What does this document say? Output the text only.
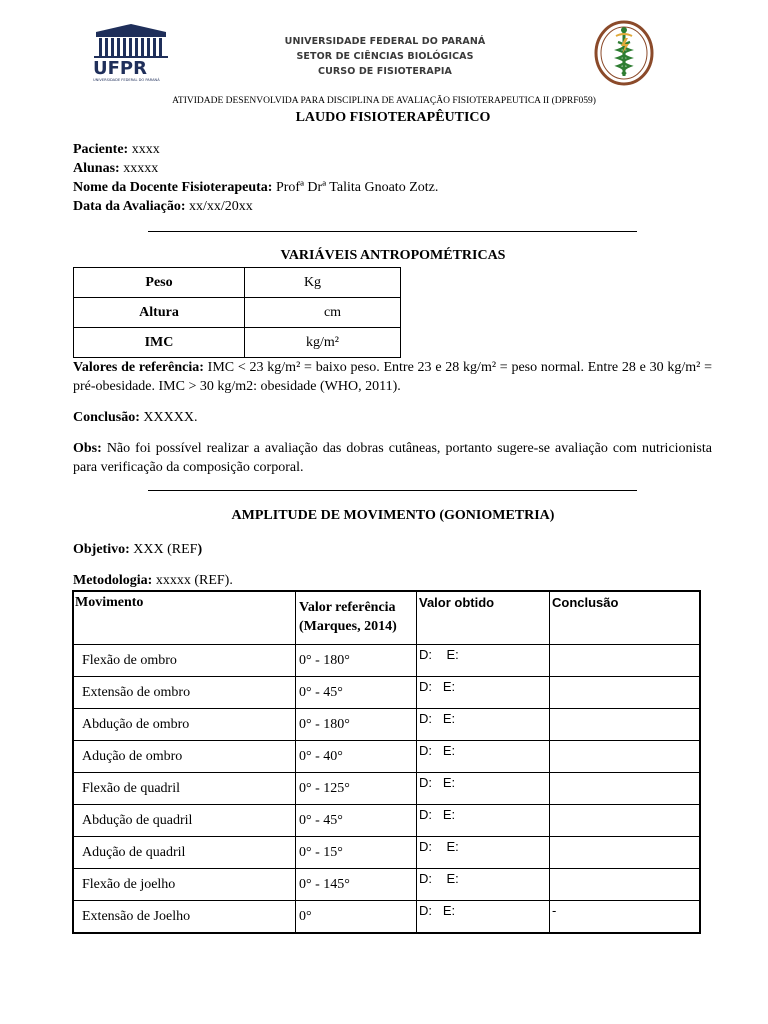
UFPR
UNIVERSIDADE FEDERAL DO PARANÁ
UNIVERSIDADE FEDERAL DO PARANÁ
SETOR DE CIÊNCIAS BIOLÓGICAS
CURSO DE FISIOTERAPIA
ATIVIDADE DESENVOLVIDA PARA DISCIPLINA DE AVALIAÇÃO FISIOTERAPEUTICA II (DPRF059)
LAUDO FISIOTERAPÊUTICO
Paciente: xxxx
Alunas: xxxxx
Nome da Docente Fisioterapeuta: Profª Drª Talita Gnoato Zotz.
Data da Avaliação: xx/xx/20xx
VARIÁVEIS ANTROPOMÉTRICAS
Peso	Kg
Altura	cm
IMC	kg/m²
Valores de referência: IMC < 23 kg/m² = baixo peso. Entre 23 e 28 kg/m² = peso normal. Entre 28 e 30 kg/m² = pré-obesidade. IMC > 30 kg/m2: obesidade (WHO, 2011).
Conclusão: XXXXX.
Obs: Não foi possível realizar a avaliação das dobras cutâneas, portanto sugere-se avaliação com nutricionista para verificação da composição corporal.
AMPLITUDE DE MOVIMENTO (GONIOMETRIA)
Objetivo: XXX (REF)
Metodologia: xxxxx (REF).
Movimento	Valor referência (Marques, 2014)	Valor obtido	Conclusão
Flexão de ombro	0° - 180°	D:    E:	
Extensão de ombro	0° - 45°	D:   E:	
Abdução de ombro	0° - 180°	D:   E:	
Adução de ombro	0° - 40°	D:   E:	
Flexão de quadril	0° - 125°	D:   E:	
Abdução de quadril	0° - 45°	D:   E:	
Adução de quadril	0° - 15°	D:    E:	
Flexão de joelho	0° - 145°	D:    E:	
Extensão de Joelho	0°	D:   E:	-
